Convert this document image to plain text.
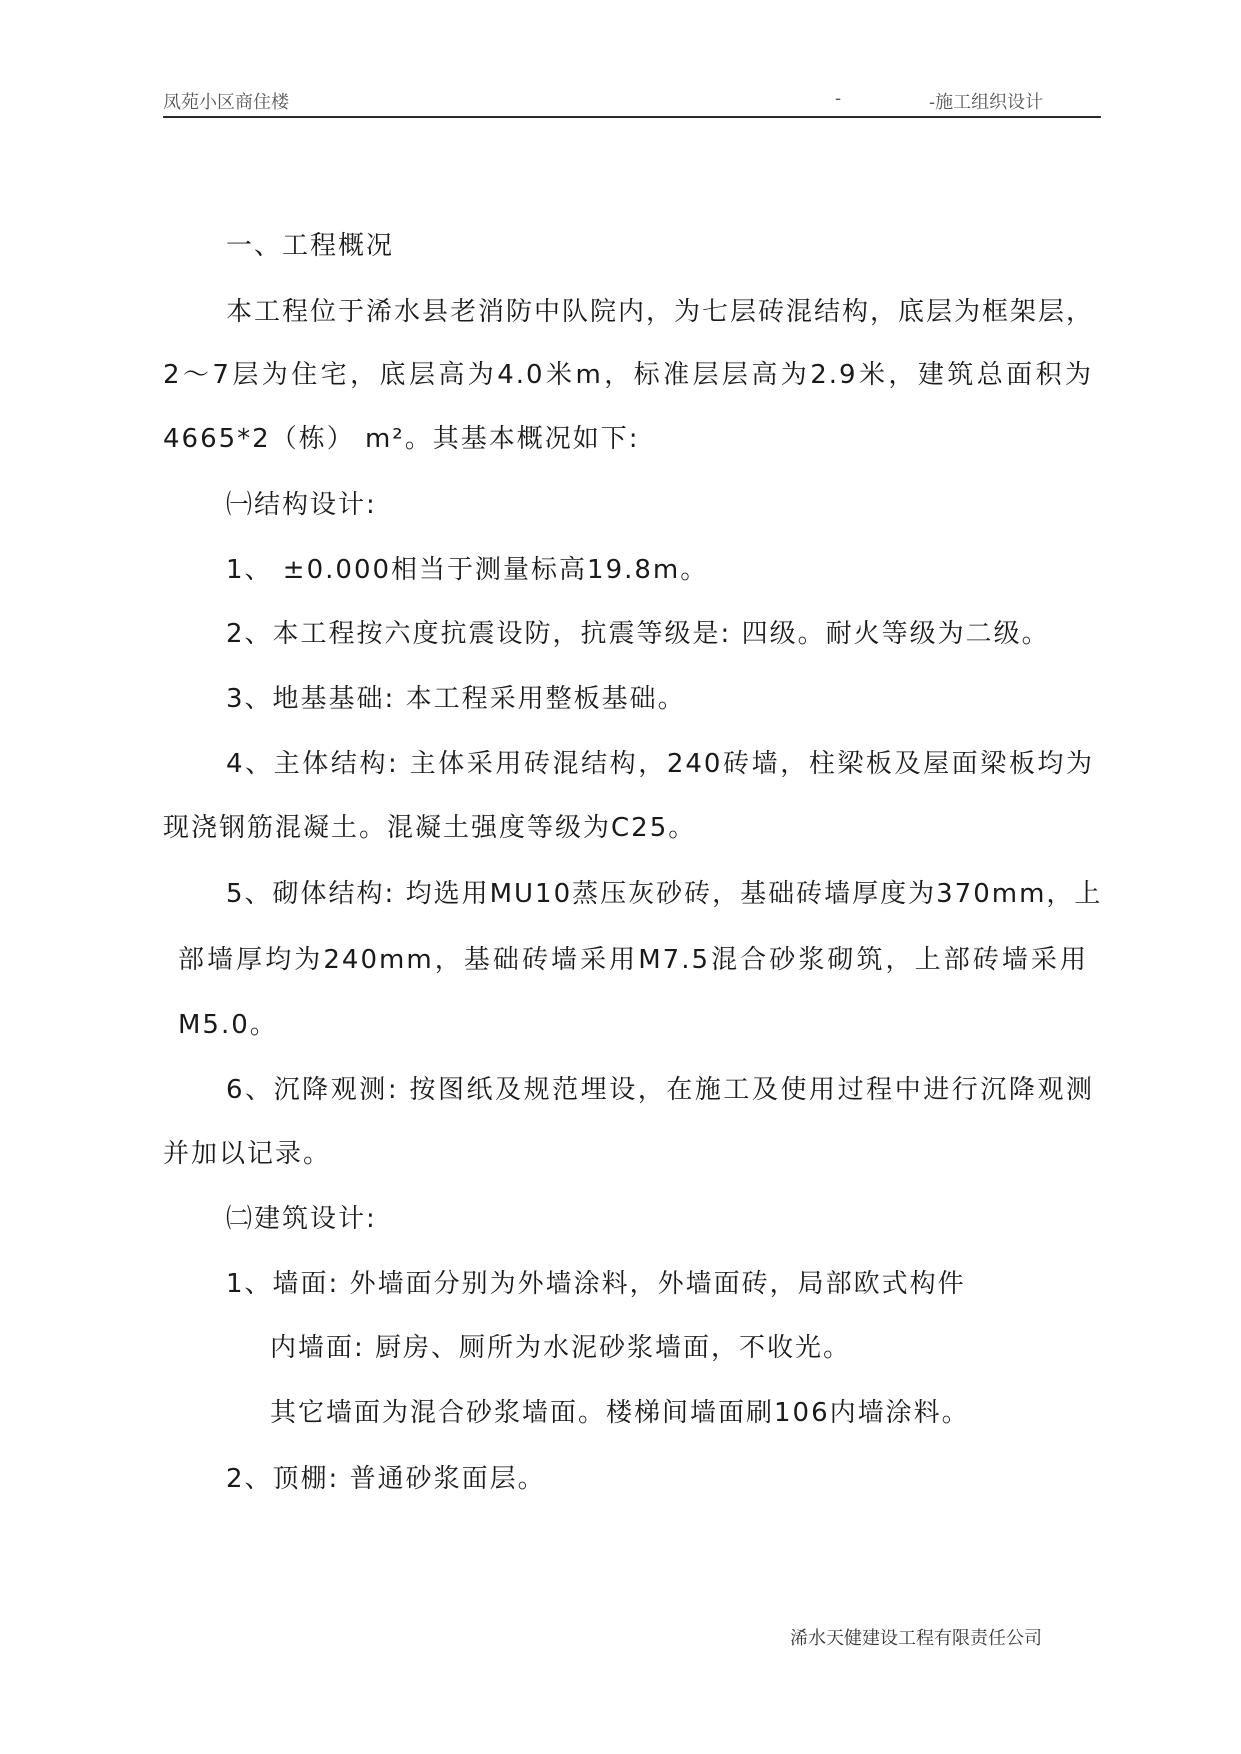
凤苑小区商住楼	-	-施工组织设计
一、工程概况
本工程位于浠水县老消防中队院内，为七层砖混结构，底层为框架层，
2～7层为住宅，底层高为4.0米m，标准层层高为2.9米，建筑总面积为
4665*2（栋） m²。其基本概况如下:
㈠结构设计:
1、 ±0.000相当于测量标高19.8m。
2、本工程按六度抗震设防，抗震等级是: 四级。耐火等级为二级。
3、地基基础: 本工程采用整板基础。
4、主体结构: 主体采用砖混结构，240砖墙，柱梁板及屋面梁板均为
现浇钢筋混凝土。混凝土强度等级为C25。
5、砌体结构: 均选用MU10蒸压灰砂砖，基础砖墙厚度为370mm，上
部墙厚均为240mm，基础砖墙采用M7.5混合砂浆砌筑，上部砖墙采用
M5.0。
6、沉降观测: 按图纸及规范埋设，在施工及使用过程中进行沉降观测
并加以记录。
㈡建筑设计:
1、墙面: 外墙面分别为外墙涂料，外墙面砖，局部欧式构件
内墙面: 厨房、厕所为水泥砂浆墙面，不收光。
其它墙面为混合砂浆墙面。楼梯间墙面刷106内墙涂料。
2、顶棚: 普通砂浆面层。
浠水天健建设工程有限责任公司
